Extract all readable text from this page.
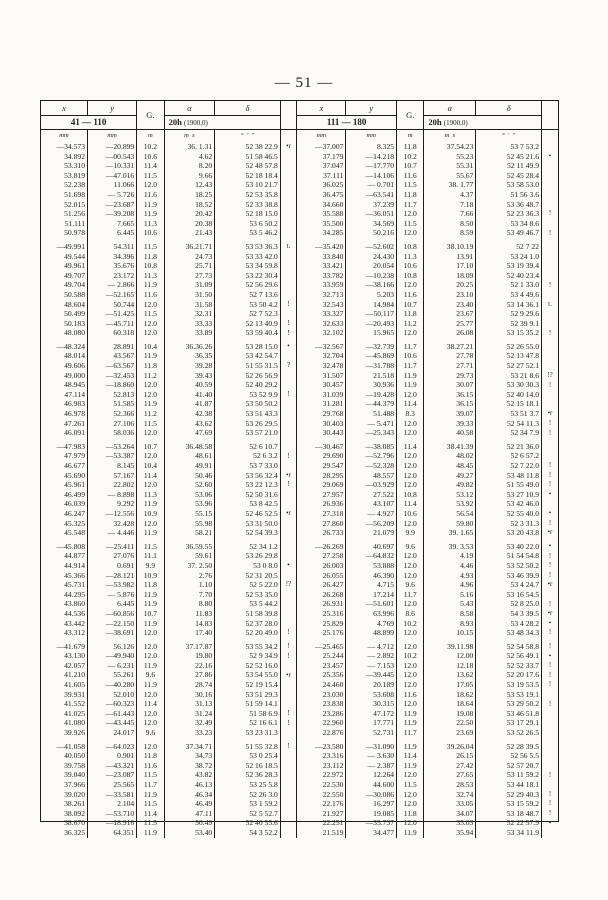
— 51 —
x	y	G.	α	δ		x	y	G.	α	δ	
41 — 110			20h (1900,0)			111 — 180			20h (1900,0)		
mm	mm	m	m s	° ′ ″		mm	mm	m	m s	° ′ ″	
—34.573	—20.899	10.2	36. 1.31	52 38 22.9	•r	—37.007	8.325	11.8	37.54.23	53 7 53.2	
34.892	—00.543	10.6	4.62	51 58 46.5		37.179	—14.218	10.2	55.23	52 45 21.6	•
53.310	—10.331	11.4	8.20	52 48 57.8		37.047	—17.770	10.7	55.31	52 11 49.9	
53.819	—47.016	11.5	9.66	52 18 18.4		37.111	—14.106	11.6	55.67	52 45 28.4	
52.238	11.066	12.0	12.43	53 10 21.7		36.025	— 0.701	11.5	38. 1.77	53 58 53.0	
51.698	— 5.726	11.6	18.25	52 53 35.8		36.475	—63.541	11.8	4.37	51 56 3.6	
52.015	—23.687	11.9	18.52	52 33 38.8		34.660	37.239	11.7	7.18	53 36 48.7	
51.256	—39.208	11.9	20.42	52 18 15.0		35.588	—36.051	12.0	7.66	52 23 36.3	!
51.111	7.665	11.3	20.38	53 6 50.2		35.500	34.569	11.5	8.50	53 34 8.6	
50.978	6.445	10.6	21.43	53 5 46.2		34.285	50.216	12.0	8.59	53 49 46.7	!

—49.991	54.311	11.5	36.21.71	53 53 36.3	t.	—35.420	—52.602	10.8	38.10.19	52 7 22	
49.544	34.396	11.8	24.73	53 33 42.0		33.840	24.430	11.3	13.91	53 24 1.0	
49.961	35.676	10.8	25.71	53 34 59.8		33.421	20.054	10.6	17.10	53 19 39.4	
49.707	23.172	11.3	27.73	53 22 30.4		33.782	—10.238	10.8	18.09	52 40 23.4	
49.704	— 2.866	11.9	31.09	52 56 29.6		33.959	—38.166	12.0	20.25	52 1 33.0	!
50.588	—52.165	11.6	31.50	52 7 13.6		32.713	5.203	11.6	23.10	53 4 49.6	
48.604	50.744	12.0	31.58	53 50 4.2	!	32.543	14.984	10.7	23.40	53 14 36.1	t.
50.499	—51.425	11.5	32.31	52 7 52.3		33.327	—50.117	11.8	23.67	52 9 29.6	
50.183	—45.711	12.0	33.33	52 13 40.9	!	32.633	—20.493	11.2	25.77	52 39 9.1	
48.080	60.318	12.0	33.89	53 59 40.4	!	32.102	15.965	12.0	26.08	53 15 35.2	!

—48.324	28.891	10.4	36.36.26	53 28 15.0	•	—32.567	—32.739	11.7	38.27.21	52 26 55.0	
48.014	43.567	11.9	36.35	53 42 54.7		32.704	—45.869	10.6	27.78	52 13 47.8	
49.606	—63.567	11.8	39.28	51 55 31.5	?	32.478	—31.788	11.7	27.71	52 27 52.1	
49.000	—32.453	11.2	39.43	52 26 56.9		31.507	21.518	11.9	29.73	53 21 8.6	!?
48.945	—18.860	12.0	40.59	52 40 29.2		30.457	30.936	11.9	30.07	53 30 30.3	!
47.114	52.813	12.0	41.40	53 52 9.9	!	31.039	—19.428	12.0	36.15	52 40 14.0	
46.983	51.585	11.9	41.87	53 50 50.2		31.281	—44.379	11.4	36.15	52 15 18.1	
46.978	52.366	11.2	42.38	53 51 43.3		29.768	51.488	8.3	39.07	53 51 3.7	•r
47.261	27.106	11.5	43.62	53 26 29.5		30.403	— 5.471	12.0	39.33	52 54 11.3	!
46.091	58.036	12.0	47.69	53 57 21.0		30.443	—25.343	12.0	40.58	52 34 7.9	!

—47.983	—53.264	10.7	36.48.58	52 6 10.7		—30.467	—38.085	11.4	38.41.39	52 21 36.0	
47.979	—53.387	12.0	48.61	52 6 3.2	!	29.690	—52.796	12.0	48.02	52 6 57.2	
46.677	8.145	10.4	49.91	53 7 33.0		29.547	—52.328	12.0	48.45	52 7 22.0	!
45.690	57.167	11.4	50.46	53 56 32.4	•r	28.295	48.557	12.0	49.27	53 48 11.8	!
45.961	22.802	12.0	52.60	53 22 12.3	!	29.069	—03.929	12.0	49.82	51 55 49.0	!
46.499	— 8.898	11.3	53.06	52 50 31.6		27.957	27.522	10.8	53.12	53 27 10.9	•
46.039	9.292	11.9	53.96	53 8 42.5		26.936	43.107	11.4	53.92	53 42 46.0	
46.247	—12.556	10.9	55.15	52 46 52.5	•r	27.318	— 4.927	10.6	56.54	52 55 40.0	•
45.325	32.428	12.0	55.98	53 31 50.0		27.860	—56.209	12.0	59.80	52 3 31.3	!
45.548	— 4.446	11.9	58.21	52 54 39.3		26.733	21.079	9.9	39. 1.65	53 20 43.8	•r

—45.808	—25.411	11.5	36.59.55	52 34 1.2		—26.269	40.697	9.6	39. 3.53	53 40 22.0	•
44.877	27.076	11.1	59.61	53 26 29.8		27.258	—64.832	12.0	4.19	51 54 54.8	!
44.914	0.691	9.9	37. 2.50	53 0 8.0	•	26.003	53.888	12.0	4.46	53 52 50.2	!
45.366	—28.121	10.9	2.76	52 31 20.5		26.055	46.390	12.0	4.93	53 46 39.9	!
45.731	—53.982	11.8	1.10	52 5 22.0	!?	26.427	4.715	9.6	4.96	53 4 24.7	•r
44.295	— 5.876	11.9	7.70	52 53 35.0		26.268	17.214	11.7	5.16	53 16 54.5	
43.860	6.445	11.9	8.80	53 5 44.2		26.931	—51.601	12.0	5.43	52 8 25.0	!
44.536	—60.856	10.7	11.83	51 58 39.8		25.316	63.996	8.6	8.58	54 3 39.5	•r
43.442	—22.150	11.9	14.83	52 37 28.0		25.829	4.769	10.2	8.93	53 4 28.2	•
43.312	—38.691	12.0	17.40	52 20 49.0	!	25.176	48.899	12.0	10.15	53 48 34.3	!

—41.679	56.126	12.0	37.17.87	53 55 34.2	!	—25.465	— 4.712	12.0	39.11.98	52 54 58.8	!
43.130	—49.940	12.0	19.80	52 9 34.9	!	25.244	— 2.892	10.2	12.00	52 56 49.1	•
42.057	— 6.231	11.9	22.16	52 52 16.0		23.457	— 7.153	12.0	12.18	52 52 33.7	!
41.210	55.261	9.6	27.86	53 54 55.0	•r	25.356	—39.445	12.0	13.62	52 20 17.6	!
41.605	—40.280	11.9	28.74	52 19 15.4		24.460	20.189	12.0	17.05	53 19 53.5	!
39.931	52.010	12.0	30.16	53 51 29.3		23.030	53.608	11.6	18.62	53 53 19.1	
41.552	—60.323	11.4	31.13	51 59 14.1		23.838	30.315	12.0	18.64	53 29 50.2	!
41.025	—61.443	12.0	31.24	51 58 6.9	!	23.286	47.172	11.9	19.08	53 46 51.8	
41.080	—43.445	12.0	32.49	52 16 6.1	!	22.960	17.771	11.9	22.50	53 17 29.1	
39.926	24.017	9.6	33.23	53 23 31.3		22.876	52.731	11.7	23.69	53 52 26.5	

—41.058	—64.023	12.0	37.34.71	51 55 32.8	!	—23.580	—31.090	11.9	39.26.04	52 28 39.5	
40.050	0.901	11.8	34.73	53 0 25.4		23.316	— 3.630	11.4	26.15	52 56 5.5	
39.758	—43.321	11.6	38.72	52 16 18.5		23.112	— 2.387	11.9	27.42	52 57 20.7	
39.040	—23.087	11.5	43.82	52 36 28.3		22.972	12.264	12.0	27.65	53 11 59.2	!
37.966	25.565	11.7	46.13	53 25 5.8		22.530	44.600	11.5	28.53	53 44 18.1	
39.020	—33.581	11.9	46.34	52 26 3.0		22.550	—30.086	12.0	32.74	52 29 40.3	!
38.261	2.104	11.5	46.49	53 1 59.2		22.176	16.297	12.0	33.05	53 15 59.2	!
38.092	—53.710	11.4	47.11	52 5 52.7		21.927	19.085	11.8	34.07	53 18 48.7	!
38.670	—18.916	11.5	50.49	52 40 55.6		22.251	—35.737	12.0	35.03	52 22 57.9	•
36.325	64.351	11.9	53.40	54 3 52.2		21.519	34.477	11.9	35.94	53 34 11.9	
